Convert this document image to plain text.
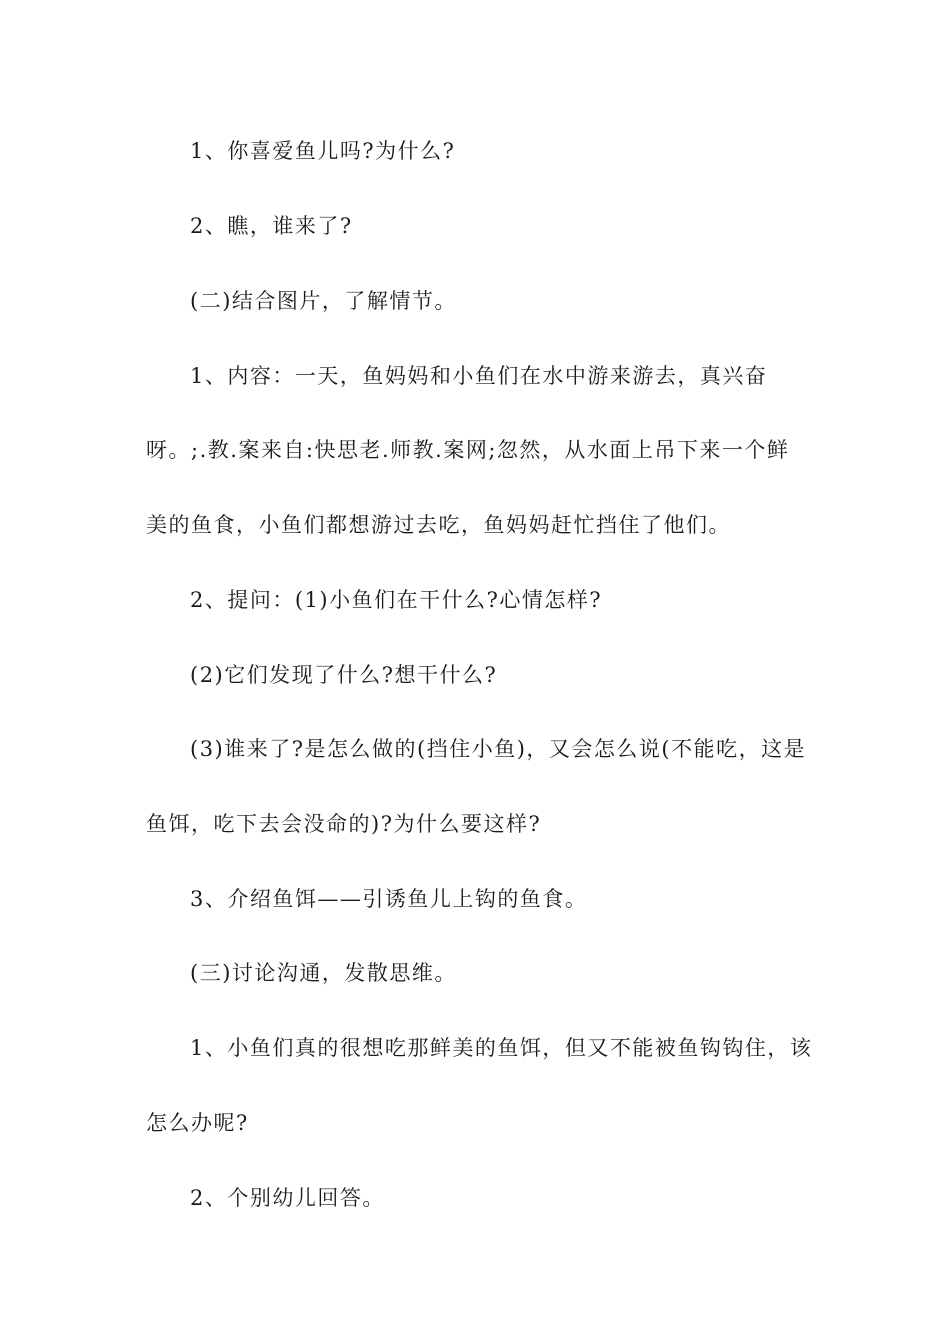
1、你喜爱鱼儿吗?为什么?
2、瞧，谁来了?
(二)结合图片，了解情节。
1、内容：一天，鱼妈妈和小鱼们在水中游来游去，真兴奋
呀。;.教.案来自:快思老.师教.案网;忽然，从水面上吊下来一个鲜
美的鱼食，小鱼们都想游过去吃，鱼妈妈赶忙挡住了他们。
2、提问：(1)小鱼们在干什么?心情怎样?
(2)它们发现了什么?想干什么?
(3)谁来了?是怎么做的(挡住小鱼)，又会怎么说(不能吃，这是
鱼饵，吃下去会没命的)?为什么要这样?
3、介绍鱼饵——引诱鱼儿上钩的鱼食。
(三)讨论沟通，发散思维。
1、小鱼们真的很想吃那鲜美的鱼饵，但又不能被鱼钩钩住，该
怎么办呢?
2、个别幼儿回答。
